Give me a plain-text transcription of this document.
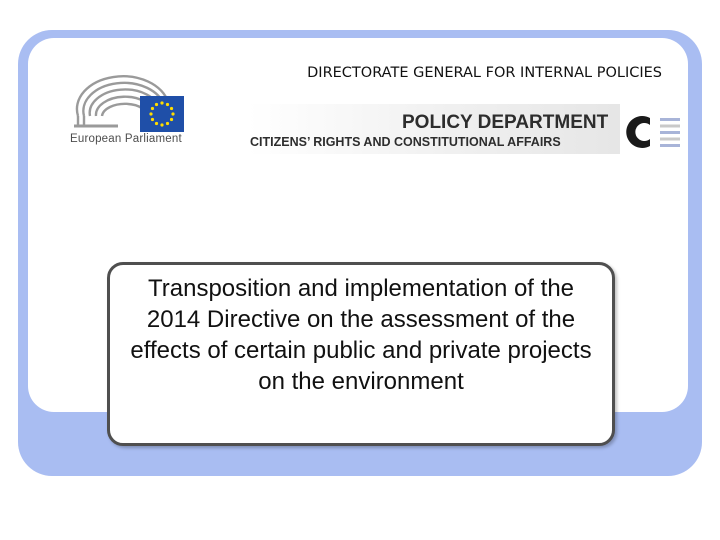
European Parliament
DIRECTORATE GENERAL FOR INTERNAL POLICIES
POLICY DEPARTMENT
CITIZENS’ RIGHTS AND CONSTITUTIONAL AFFAIRS
Transposition and implementation of the 2014 Directive on the assessment of the effects of certain public and private projects on the environment
